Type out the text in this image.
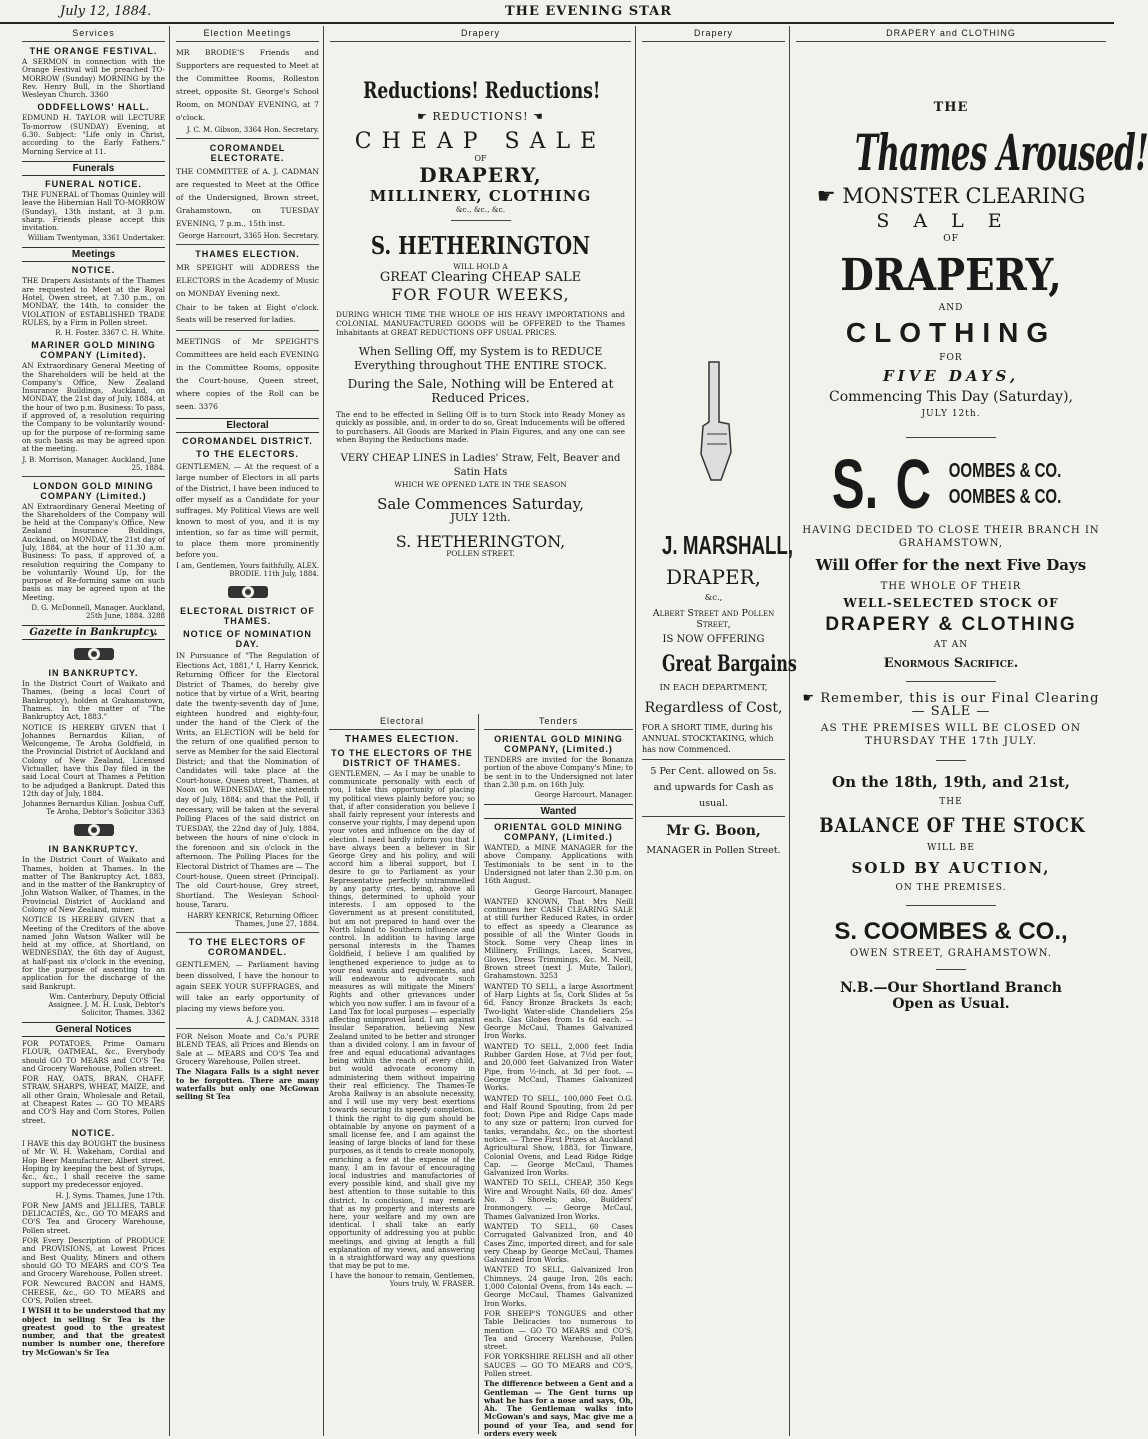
July 12, 1884.	THE EVENING STAR
Services
THE ORANGE FESTIVAL.

A SERMON in connection with the Orange Festival will be preached TO-MORROW (Sunday) MORNING by the Rev. Henry Bull, in the Shortland Wesleyan Church. 3360

ODDFELLOWS' HALL.

EDMUND H. TAYLOR will LECTURE To-morrow (SUNDAY) Evening, at 6.30. Subject: "Life only in Christ, according to the Early Fathers." Morning Service at 11.

Funerals
FUNERAL NOTICE.

THE FUNERAL of Thomas Quinley will leave the Hibernian Hall TO-MORROW (Sunday), 13th instant, at 3 p.m. sharp. Friends please accept this invitation.

William Twentyman, 3361 Undertaker.

Meetings
NOTICE.

THE Drapers Assistants of the Thames are requested to Meet at the Royal Hotel, Owen street, at 7.30 p.m., on MONDAY, the 14th, to consider the VIOLATION of ESTABLISHED TRADE RULES, by a Firm in Pollen street.

R. H. Foster. 3367 C. H. White.

MARINER GOLD MINING COMPANY (Limited).

AN Extraordinary General Meeting of the Shareholders will be held at the Company's Office, New Zealand Insurance Buildings, Auckland, on MONDAY, the 21st day of July, 1884, at the hour of two p.m. Business: To pass, if approved of, a resolution requiring the Company to be voluntarily wound-up for the purpose of re-forming same on such basis as may be agreed upon at the meeting.

J. B. Morrison, Manager. Auckland, June 25, 1884.

LONDON GOLD MINING COMPANY (Limited.)

AN Extraordinary General Meeting of the Shareholders of the Company will be held at the Company's Office, New Zealand Insurance Buildings, Auckland, on MONDAY, the 21st day of July, 1884, at the hour of 11.30 a.m. Business: To pass, if approved of, a resolution requiring the Company to be voluntarily Wound Up, for the purpose of Re-forming same on such basis as may be agreed upon at the Meeting.

D. G. McDonnell, Manager. Auckland, 25th June, 1884. 3288

Gazette in Bankruptcy.
IN BANKRUPTCY.

In the District Court of Waikato and Thames, (being a local Court of Bankruptcy), holden at Grahamstown, Thames. In the matter of "The Bankruptcy Act, 1883."

NOTICE IS HEREBY GIVEN that I Johannes Bernardus Kilian, of Welcongeme, Te Aroha Goldfield, in the Provincial District of Auckland and Colony of New Zealand, Licensed Victualler, have this Day filed in the said Local Court at Thames a Petition to be adjudged a Bankrupt. Dated this 12th day of July, 1884.

Johannes Bernardus Kilian. Joshua Cuff, Te Aroha, Debtor's Solicitor 3363

IN BANKRUPTCY.

In the District Court of Waikato and Thames, holden at Thames. In the matter of The Bankruptcy Act, 1883, and in the matter of the Bankruptcy of John Watson Walker, of Thames, in the Provincial District of Auckland and Colony of New Zealand, miner.

NOTICE IS HEREBY GIVEN that a Meeting of the Creditors of the above named John Watson Walker will be held at my office, at Shortland, on WEDNESDAY, the 6th day of August, at half-past six o'clock in the evening, for the purpose of assenting to an application for the discharge of the said Bankrupt.

Wm. Canterbury, Deputy Official Assignee. J. M. H. Lusk, Debtor's Solicitor, Thames. 3362

General Notices

FOR POTATOES, Prime Oamaru FLOUR, OATMEAL, &c., Everybody should GO TO MEARS and CO'S Tea and Grocery Warehouse, Pollen street.

FOR HAY, OATS, BRAN, CHAFF, STRAW, SHARPS, WHEAT, MAIZE, and all other Grain, Wholesale and Retail, at Cheapest Rates — GO TO MEARS and CO'S Hay and Corn Stores, Pollen street.

NOTICE.

I HAVE this day BOUGHT the business of Mr W. H. Wakeham, Cordial and Hop Beer Manufacturer, Albert street. Hoping by keeping the best of Syrups, &c., &c., I shall receive the same support my predecessor enjoyed.

H. J. Syms. Thames, June 17th.

FOR New JAMS and JELLIES, TABLE DELICACIES, &c., GO TO MEARS and CO'S Tea and Grocery Warehouse, Pollen street.

FOR Every Description of PRODUCE and PROVISIONS, at Lowest Prices and Best Quality, Miners and others should GO TO MEARS and CO'S Tea and Grocery Warehouse, Pollen street.

FOR Newcured BACON and HAMS, CHEESE, &c., GO TO MEARS and CO'S, Pollen street.

I WISH it to be understood that my object in selling Sr Tea is the greatest good to the greatest number, and that the greatest number is number one, therefore try McGowan's Sr Tea

Election Meetings

MR BRODIE'S Friends and Supporters are requested to Meet at the Committee Rooms, Rolleston street, opposite St. George's School Room, on MONDAY EVENING, at 7 o'clock.

J. C. M. Gibson, 3364 Hon. Secretary.

COROMANDEL ELECTORATE.

THE COMMITTEE of A. J. CADMAN are requested to Meet at the Office of the Undersigned, Brown street, Grahamstown, on TUESDAY EVENING, 7 p.m., 15th inst.

George Harcourt, 3365 Hon. Secretary.

THAMES ELECTION.

MR SPEIGHT will ADDRESS the ELECTORS in the Academy of Music on MONDAY Evening next.

Chair to be taken at Eight o'clock. Seats will be reserved for ladies.

MEETINGS of Mr SPEIGHT'S Committees are held each EVENING in the Committee Rooms, opposite the Court-house, Queen street, where copies of the Roll can be seen. 3376

Electoral
COROMANDEL DISTRICT.
TO THE ELECTORS.

GENTLEMEN, — At the request of a large number of Electors in all parts of the District, I have been induced to offer myself as a Candidate for your suffrages. My Political Views are well known to most of you, and it is my intention, so far as time will permit, to place them more prominently before you.

I am, Gentlemen, Yours faithfully, ALEX. BRODIE. 11th July, 1884.

ELECTORAL DISTRICT OF THAMES.
NOTICE OF NOMINATION DAY.

IN Pursuance of "The Regulation of Elections Act, 1881," I, Harry Kenrick, Returning Officer for the Electoral District of Thames, do hereby give notice that by virtue of a Writ, bearing date the twenty-seventh day of June, eighteen hundred and eighty-four, under the hand of the Clerk of the Writs, an ELECTION will be held for the return of one qualified person to serve as Member for the said Electoral District; and that the Nomination of Candidates will take place at the Court-house, Queen street, Thames, at Noon on WEDNESDAY, the sixteenth day of July, 1884; and that the Poll, if necessary, will be taken at the several Polling Places of the said district on TUESDAY, the 22nd day of July, 1884, between the hours of nine o'clock in the forenoon and six o'clock in the afternoon. The Polling Places for the Electoral District of Thames are — The Court-house, Queen street (Principal). The old Court-house, Grey street, Shortland. The Wesleyan School-house, Tararu.

HARRY KENRICK, Returning Officer. Thames, June 27, 1884.

TO THE ELECTORS OF COROMANDEL.

GENTLEMEN, — Parliament having been dissolved, I have the honour to again SEEK YOUR SUFFRAGES, and will take an early opportunity of placing my views before you.

A. J. CADMAN. 3318

FOR Nelson Moate and Co.'s PURE BLEND TEAS, all Prices and Blends on Sale at — MEARS and CO'S Tea and Grocery Warehouse, Pollen street.

The Niagara Falls is a sight never to be forgotten. There are many waterfalls but only one McGowan selling St Tea

Drapery
Reductions! Reductions!
☛ REDUCTIONS! ☚
CHEAP SALE
OF
DRAPERY,
MILLINERY, CLOTHING
&c., &c., &c.
S. HETHERINGTON
WILL HOLD A
GREAT Clearing CHEAP SALE
FOR FOUR WEEKS,

DURING WHICH TIME THE WHOLE OF HIS HEAVY IMPORTATIONS and COLONIAL MANUFACTURED GOODS will be OFFERED to the Thames Inhabitants at GREAT REDUCTIONS OFF USUAL PRICES.

When Selling Off, my System is to REDUCE Everything throughout THE ENTIRE STOCK.
During the Sale, Nothing will be Entered at Reduced Prices.

The end to be effected in Selling Off is to turn Stock into Ready Money as quickly as possible, and, in order to do so, Great Inducements will be offered to purchasers. All Goods are Marked in Plain Figures, and any one can see when Buying the Reductions made.

VERY CHEAP LINES in Ladies' Straw, Felt, Beaver and Satin Hats
WHICH WE OPENED LATE IN THE SEASON
Sale Commences Saturday,
JULY 12th.
S. HETHERINGTON,
POLLEN STREET.
Electoral
THAMES ELECTION.
TO THE ELECTORS OF THE DISTRICT OF THAMES.

GENTLEMEN, — As I may be unable to communicate personally with each of you, I take this opportunity of placing my political views plainly before you; so that, if after consideration you believe I shall fairly represent your interests and conserve your rights, I may depend upon your votes and influence on the day of election. I need hardly inform you that I have always been a believer in Sir George Grey and his policy, and will accord him a liberal support, but I desire to go to Parliament as your Representative perfectly untrammelled by any party cries, being, above all things, determined to uphold your interests. I am opposed to the Government as at present constituted, but am not prepared to hand over the North Island to Southern influence and control. In addition to having large personal interests in the Thames Goldfield, I believe I am qualified by lengthened experience to judge as to your real wants and requirements, and will endeavour to advocate such measures as will mitigate the Miners' Rights and other grievances under which you now suffer. I am in favour of a Land Tax for local purposes — especially affecting unimproved land. I am against Insular Separation, believing New Zealand united to be better and stronger than a divided colony. I am in favour of free and equal educational advantages being within the reach of every child, but would advocate economy in administering them without impairing their real efficiency. The Thames-Te Aroha Railway is an absolute necessity, and I will use my very best exertions towards securing its speedy completion. I think the right to dig gum should be obtainable by anyone on payment of a small license fee, and I am against the leasing of large blocks of land for these purposes, as it tends to create monopoly, enriching a few at the expense of the many. I am in favour of encouraging local industries and manufactories of every possible kind, and shall give my best attention to those suitable to this district. In conclusion, I may remark that as my property and interests are here, your welfare and my own are identical. I shall take an early opportunity of addressing you at public meetings, and giving at length a full explanation of my views, and answering in a straightforward way any questions that may be put to me.

I have the honour to remain, Gentlemen, Yours truly, W. FRASER.

Tenders
ORIENTAL GOLD MINING COMPANY, (Limited.)

TENDERS are invited for the Bonanza portion of the above Company's Mine; to be sent in to the Undersigned not later than 2.30 p.m. on 16th July.

George Harcourt, Manager.

Wanted
ORIENTAL GOLD MINING COMPANY, (Limited.)

WANTED, a MINE MANAGER for the above Company. Applications with Testimonials to be sent in to the Undersigned not later than 2.30 p.m. on 16th August.

George Harcourt, Manager.

WANTED KNOWN, That Mrs Neill continues her CASH CLEARING SALE at still further Reduced Rates, in order to effect as speedy a Clearance as possible of all the Winter Goods in Stock. Some very Cheap lines in Millinery, Frillings, Laces, Scarves, Gloves, Dress Trimmings, &c. M. Neill, Brown street (next J. Mute, Tailor), Grahamstown. 3253

WANTED TO SELL, a large Assortment of Harp Lights at 5s, Cork Slides at 5s 6d, Fancy Bronze Brackets 3s each; Two-light Water-slide Chandeliers 25s each. Gas Globes from 1s 6d each. — George McCaul, Thames Galvanized Iron Works.

WANTED TO SELL, 2,000 feet India Rubber Garden Hose, at 7½d per foot, and 20,000 feet Galvanized Iron Water Pipe, from ½-inch, at 3d per foot. — George McCaul, Thames Galvanized Works.

WANTED TO SELL, 100,000 Feet O.G. and Half Round Spouting, from 2d per foot; Down Pipe and Ridge Caps made to any size or pattern; Iron curved for tanks, verandahs, &c., on the shortest notice. — Three First Prizes at Auckland Agricultural Show, 1883, for Tinware, Colonial Ovens, and Lead Ridge Ridge Cap. — George McCaul, Thames Galvanized Iron Works.

WANTED TO SELL, CHEAP, 350 Kegs Wire and Wrought Nails, 60 doz. Ames' No. 3 Shovels; also, Builders' Ironmongery. — George McCaul, Thames Galvanized Iron Works.

WANTED TO SELL, 60 Cases Corrugated Galvanized Iron, and 40 Cases Zinc, imported direct, and for sale very Cheap by George McCaul, Thames Galvanized Iron Works.

WANTED TO SELL, Galvanized Iron Chimneys, 24 gauge Iron, 20s each; 1,000 Colonial Ovens, from 14s each. — George McCaul, Thames Galvanized Iron Works.

FOR SHEEP'S TONGUES and other Table Delicacies too numerous to mention — GO TO MEARS and CO'S, Tea and Grocery Warehouse, Pollen street.

FOR YORKSHIRE RELISH and all other SAUCES — GO TO MEARS and CO'S, Pollen street.

The difference between a Gent and a Gentleman — The Gent turns up what he has for a nose and says, Oh, Ah. The Gentleman walks into McGowan's and says, Mac give me a pound of your Tea, and send for orders every week

Drapery
J. MARSHALL,
DRAPER,
&c.,
Albert Street and Pollen Street,
IS NOW OFFERING
Great Bargains
IN EACH DEPARTMENT,
Regardless of Cost,
FOR A SHORT TIME, during his ANNUAL STOCKTAKING, which has now Commenced.
5 Per Cent. allowed on 5s. and upwards for Cash as usual.
Mr G. Boon,
MANAGER in Pollen Street.
DRAPERY and CLOTHING
THE
Thames Aroused!
☛ MONSTER CLEARING
SALE
OF
DRAPERY,
AND
CLOTHING
FOR
FIVE DAYS,
Commencing This Day (Saturday),
JULY 12th.
S. C OOMBES & CO.
OOMBES & CO.
HAVING DECIDED TO CLOSE THEIR BRANCH IN GRAHAMSTOWN,
Will Offer for the next Five Days
THE WHOLE OF THEIR
WELL-SELECTED STOCK OF
DRAPERY & CLOTHING
AT AN
Enormous Sacrifice.
☛ Remember, this is our Final Clearing — SALE —
AS THE PREMISES WILL BE CLOSED ON THURSDAY THE 17th JULY.
On the 18th, 19th, and 21st,
THE
BALANCE OF THE STOCK
WILL BE
SOLD BY AUCTION,
ON THE PREMISES.
S. COOMBES & CO.,
OWEN STREET, GRAHAMSTOWN.
N.B.—Our Shortland Branch Open as Usual.
